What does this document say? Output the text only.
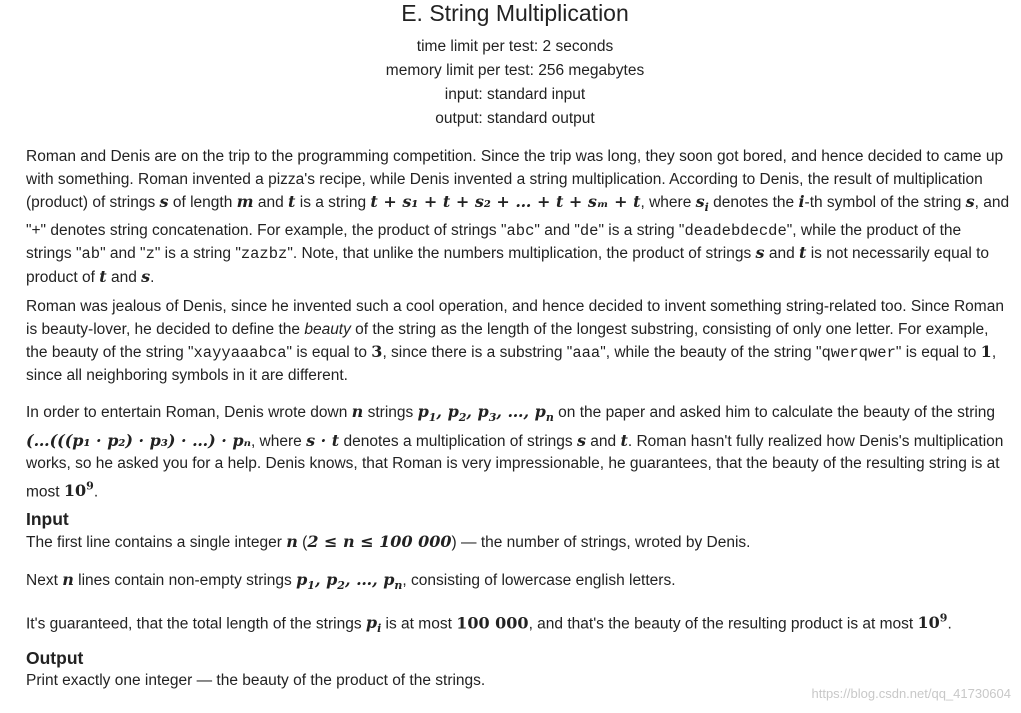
E. String Multiplication
time limit per test: 2 seconds
memory limit per test: 256 megabytes
input: standard input
output: standard output

Roman and Denis are on the trip to the programming competition. Since the trip was long, they soon got bored, and hence decided to came up with something. Roman invented a pizza's recipe, while Denis invented a string multiplication. According to Denis, the result of multiplication (product) of strings s of length m and t is a string t + s₁ + t + s₂ + … + t + sₘ + t, where $s_i$ denotes the i-th symbol of the string s, and "+" denotes string concatenation. For example, the product of strings "abc" and "de" is a string "deadebdecde", while the product of the strings "ab" and "z" is a string "zazbz". Note, that unlike the numbers multiplication, the product of strings s and t is not necessarily equal to product of t and s.

Roman was jealous of Denis, since he invented such a cool operation, and hence decided to invent something string-related too. Since Roman is beauty-lover, he decided to define the beauty of the string as the length of the longest substring, consisting of only one letter. For example, the beauty of the string "xayyaaabca" is equal to 3, since there is a substring "aaa", while the beauty of the string "qwerqwer" is equal to 1, since all neighboring symbols in it are different.

In order to entertain Roman, Denis wrote down n strings $p_1$, $p_2$, $p_3$, …, $p_n$ on the paper and asked him to calculate the beauty of the string (…(((p₁ · p₂) · p₃) · …) · pₙ, where s · t denotes a multiplication of strings s and t. Roman hasn't fully realized how Denis's multiplication works, so he asked you for a help. Denis knows, that Roman is very impressionable, he guarantees, that the beauty of the resulting string is at most $10^9$.

Input

The first line contains a single integer n (2 ≤ n ≤ 100 000) — the number of strings, wroted by Denis.

Next n lines contain non-empty strings $p_1$, $p_2$, …, $p_n$, consisting of lowercase english letters.

It's guaranteed, that the total length of the strings $p_i$ is at most 100 000, and that's the beauty of the resulting product is at most $10^9$.

Output

Print exactly one integer — the beauty of the product of the strings.

https://blog.csdn.net/qq_41730604
